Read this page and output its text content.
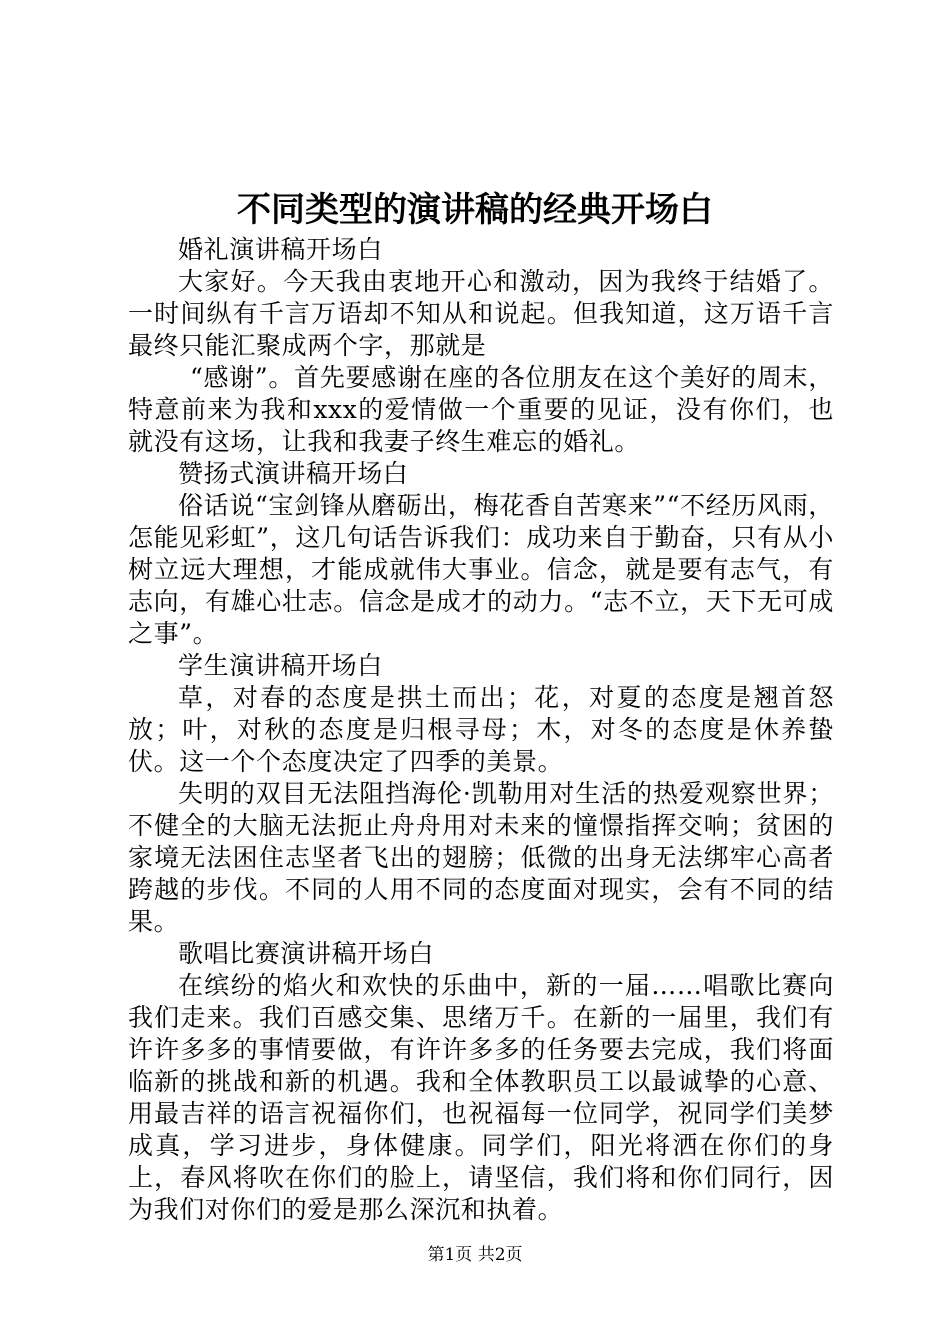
不同类型的演讲稿的经典开场白

婚礼演讲稿开场白

大家好。今天我由衷地开心和激动，因为我终于结婚了。一时间纵有千言万语却不知从和说起。但我知道，这万语千言最终只能汇聚成两个字，那就是

“感谢”。首先要感谢在座的各位朋友在这个美好的周末，特意前来为我和xxx的爱情做一个重要的见证，没有你们，也就没有这场，让我和我妻子终生难忘的婚礼。

赞扬式演讲稿开场白

俗话说“宝剑锋从磨砺出，梅花香自苦寒来”“不经历风雨，怎能见彩虹”，这几句话告诉我们：成功来自于勤奋，只有从小树立远大理想，才能成就伟大事业。信念，就是要有志气，有志向，有雄心壮志。信念是成才的动力。“志不立，天下无可成之事”。

学生演讲稿开场白

草，对春的态度是拱土而出；花，对夏的态度是翘首怒放；叶，对秋的态度是归根寻母；木，对冬的态度是休养蛰伏。这一个个态度决定了四季的美景。

失明的双目无法阻挡海伦·凯勒用对生活的热爱观察世界；不健全的大脑无法扼止舟舟用对未来的憧憬指挥交响；贫困的家境无法困住志坚者飞出的翅膀；低微的出身无法绑牢心高者跨越的步伐。不同的人用不同的态度面对现实，会有不同的结果。

歌唱比赛演讲稿开场白

在缤纷的焰火和欢快的乐曲中，新的一届……唱歌比赛向我们走来。我们百感交集、思绪万千。在新的一届里，我们有许许多多的事情要做，有许许多多的任务要去完成，我们将面临新的挑战和新的机遇。我和全体教职员工以最诚挚的心意、用最吉祥的语言祝福你们，也祝福每一位同学，祝同学们美梦成真，学习进步，身体健康。同学们，阳光将洒在你们的身上，春风将吹在你们的脸上，请坚信，我们将和你们同行，因为我们对你们的爱是那么深沉和执着。

第1页 共2页
